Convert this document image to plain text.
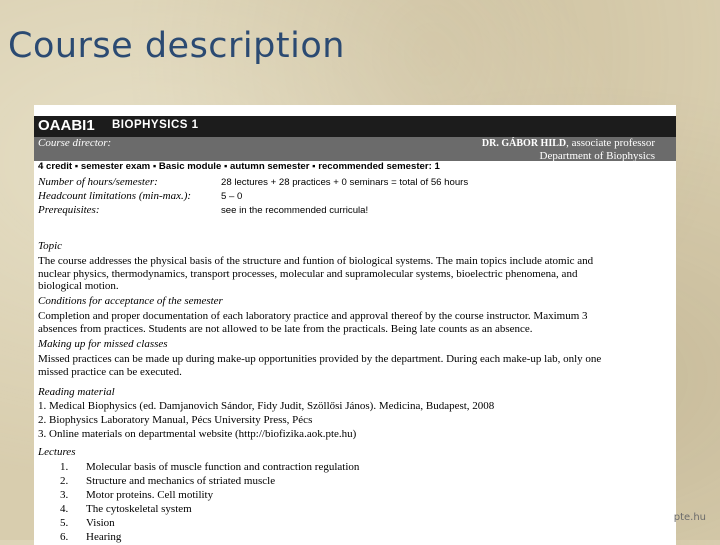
Course description
OAABI1 BIOPHYSICS 1
Course director:	DR. GÁBOR HILD, associate professor
Department of Biophysics
4 credit ▪ semester exam ▪ Basic module ▪ autumn semester ▪ recommended semester: 1
Number of hours/semester:	28 lectures + 28 practices + 0 seminars = total of 56 hours
Headcount limitations (min-max.):	5 – 0
Prerequisites:	see in the recommended curricula!
Topic
The course addresses the physical basis of the structure and funtion of biological systems. The main topics include atomic and
nuclear physics, thermodynamics, transport processes, molecular and supramolecular systems, bioelectric phenomena, and
biological motion.
Conditions for acceptance of the semester
Completion and proper documentation of each laboratory practice and approval thereof by the course instructor. Maximum 3
absences from practices. Students are not allowed to be late from the practicals. Being late counts as an absence.
Making up for missed classes
Missed practices can be made up during make-up opportunities provided by the department. During each make-up lab, only one
missed practice can be executed.
Reading material
1. Medical Biophysics (ed. Damjanovich Sándor, Fidy Judit, Szöllősi János). Medicina, Budapest, 2008
2. Biophysics Laboratory Manual, Pécs University Press, Pécs
3. Online materials on departmental website (http://biofizika.aok.pte.hu)
Lectures
1. Molecular basis of muscle function and contraction regulation
2. Structure and mechanics of striated muscle
3. Motor proteins. Cell motility
4. The cytoskeletal system
5. Vision
6. Hearing
pte.hu
